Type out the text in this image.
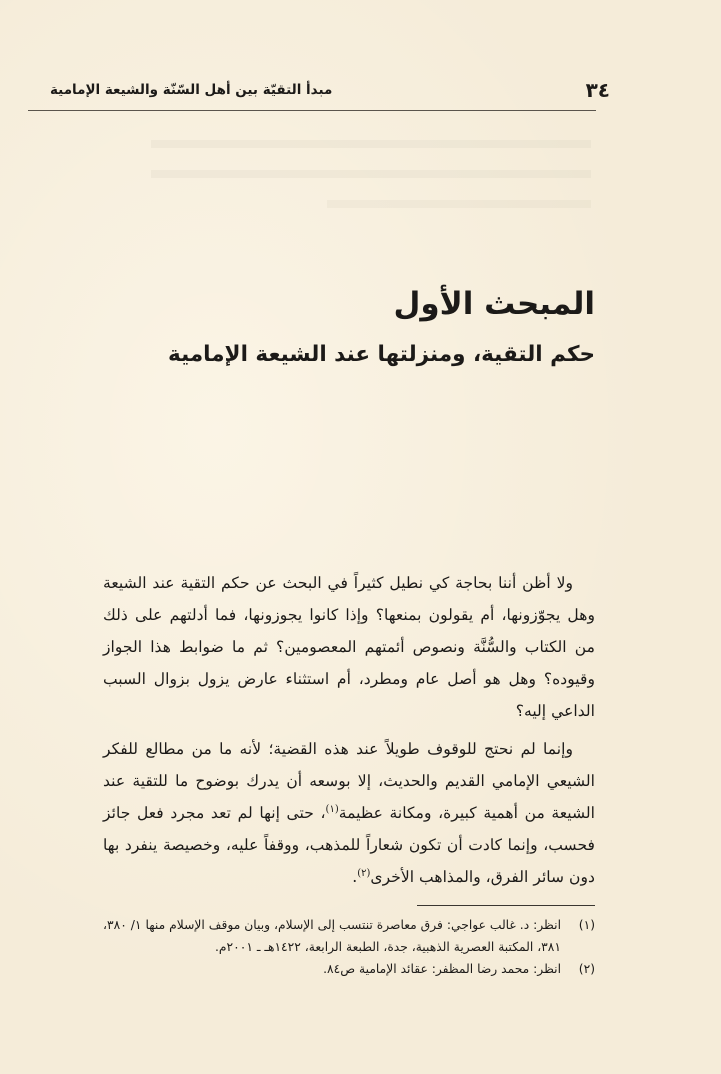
٣٤
مبدأ التقيّة بين أهل السّنّة والشيعة الإمامية
المبحث الأول
حكم التقية، ومنزلتها عند الشيعة الإمامية

ولا أظن أننا بحاجة كي نطيل كثيراً في البحث عن حكم التقية عند الشيعة وهل يجوّزونها، أم يقولون بمنعها؟ وإذا كانوا يجوزونها، فما أدلتهم على ذلك من الكتاب والسُّنَّة ونصوص أئمتهم المعصومين؟ ثم ما ضوابط هذا الجواز وقيوده؟ وهل هو أصل عام ومطرد، أم استثناء عارض يزول بزوال السبب الداعي إليه؟

وإنما لم نحتج للوقوف طويلاً عند هذه القضية؛ لأنه ما من مطالع للفكر الشيعي الإمامي القديم والحديث، إلا بوسعه أن يدرك بوضوح ما للتقية عند الشيعة من أهمية كبيرة، ومكانة عظيمة$^{(١)}$، حتى إنها لم تعد مجرد فعل جائز فحسب، وإنما كادت أن تكون شعاراً للمذهب، ووقفاً عليه، وخصيصة ينفرد بها دون سائر الفرق، والمذاهب الأخرى$^{(٢)}$.

(١)
انظر: د. غالب عواجي: فرق معاصرة تنتسب إلى الإسلام، وبيان موقف الإسلام منها ١/ ٣٨٠، ٣٨١، المكتبة العصرية الذهبية، جدة، الطبعة الرابعة، ١٤٢٢هـ ـ ٢٠٠١م.
(٢)
انظر: محمد رضا المظفر: عقائد الإمامية ص٨٤.
